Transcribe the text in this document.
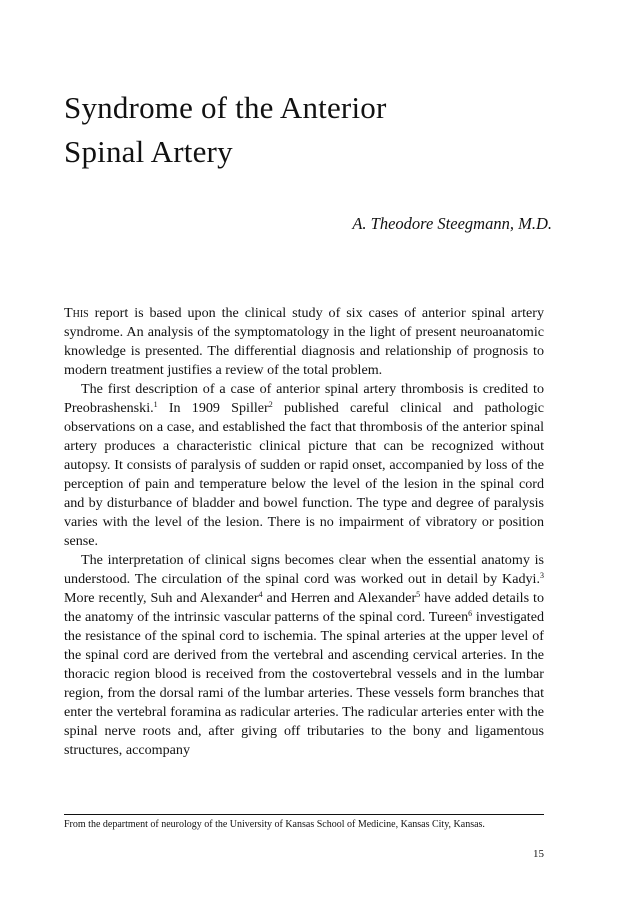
Syndrome of the Anterior
Spinal Artery
A. Theodore Steegmann, M.D.

This report is based upon the clinical study of six cases of anterior spinal artery syndrome. An analysis of the symptomatology in the light of present neuroanatomic knowledge is presented. The differential diagnosis and relationship of prognosis to modern treatment justifies a review of the total problem.

The first description of a case of anterior spinal artery thrombosis is credited to Preobrashenski.$^1$ In 1909 Spiller$^2$ published careful clinical and pathologic observations on a case, and established the fact that thrombosis of the anterior spinal artery produces a characteristic clinical picture that can be recognized without autopsy. It consists of paralysis of sudden or rapid onset, accompanied by loss of the perception of pain and temperature below the level of the lesion in the spinal cord and by disturbance of bladder and bowel function. The type and degree of paralysis varies with the level of the lesion. There is no impairment of vibratory or position sense.

The interpretation of clinical signs becomes clear when the essential anatomy is understood. The circulation of the spinal cord was worked out in detail by Kadyi.$^3$ More recently, Suh and Alexander$^4$ and Herren and Alexander$^5$ have added details to the anatomy of the intrinsic vascular patterns of the spinal cord. Tureen$^6$ investigated the resistance of the spinal cord to ischemia. The spinal arteries at the upper level of the spinal cord are derived from the vertebral and ascending cervical arteries. In the thoracic region blood is received from the costovertebral vessels and in the lumbar region, from the dorsal rami of the lumbar arteries. These vessels form branches that enter the vertebral foramina as radicular arteries. The radicular arteries enter with the spinal nerve roots and, after giving off tributaries to the bony and ligamentous structures, accompany

From the department of neurology of the University of Kansas School of Medicine, Kansas City, Kansas.
15
